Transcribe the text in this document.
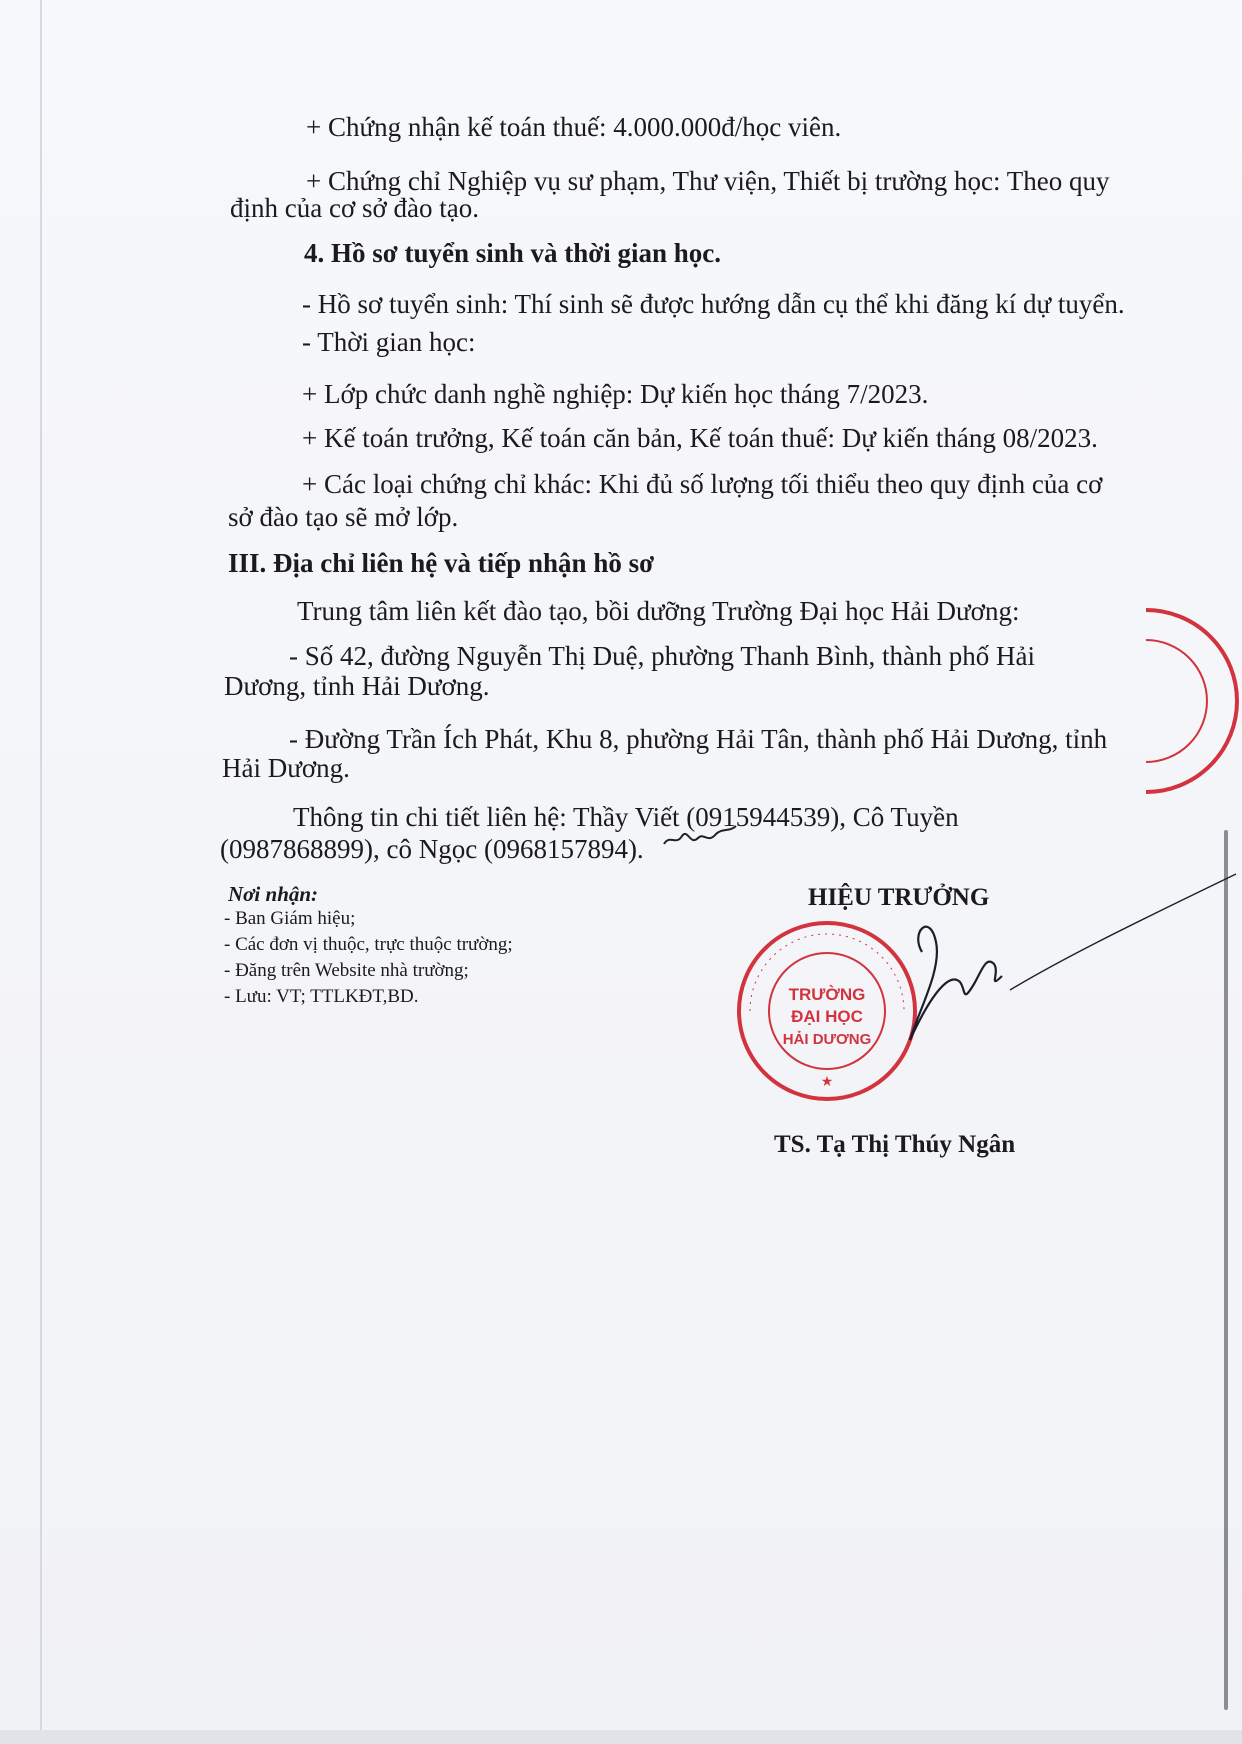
+ Chứng nhận kế toán thuế: 4.000.000đ/học viên.
+ Chứng chỉ Nghiệp vụ sư phạm, Thư viện, Thiết bị trường học: Theo quy
định của cơ sở đào tạo.
4. Hồ sơ tuyển sinh và thời gian học.
- Hồ sơ tuyển sinh: Thí sinh sẽ được hướng dẫn cụ thể khi đăng kí dự tuyển.
- Thời gian học:
+ Lớp chức danh nghề nghiệp: Dự kiến học tháng 7/2023.
+ Kế toán trưởng, Kế toán căn bản, Kế toán thuế: Dự kiến tháng 08/2023.
+ Các loại chứng chỉ khác: Khi đủ số lượng tối thiểu theo quy định của cơ
sở đào tạo sẽ mở lớp.
III. Địa chỉ liên hệ và tiếp nhận hồ sơ
Trung tâm liên kết đào tạo, bồi dưỡng Trường Đại học Hải Dương:
- Số 42, đường Nguyễn Thị Duệ, phường Thanh Bình, thành phố Hải
Dương, tỉnh Hải Dương.
- Đường Trần Ích Phát, Khu 8, phường Hải Tân, thành phố Hải Dương, tỉnh
Hải Dương.
Thông tin chi tiết liên hệ: Thầy Viết (0915944539), Cô Tuyền
(0987868899), cô Ngọc (0968157894).
Nơi nhận:
- Ban Giám hiệu;
- Các đơn vị thuộc, trực thuộc trường;
- Đăng trên Website nhà trường;
- Lưu: VT; TTLKĐT,BD.
HIỆU TRƯỞNG
TRƯỜNG
ĐẠI HỌC
HẢI DƯƠNG
★
TS. Tạ Thị Thúy Ngân
